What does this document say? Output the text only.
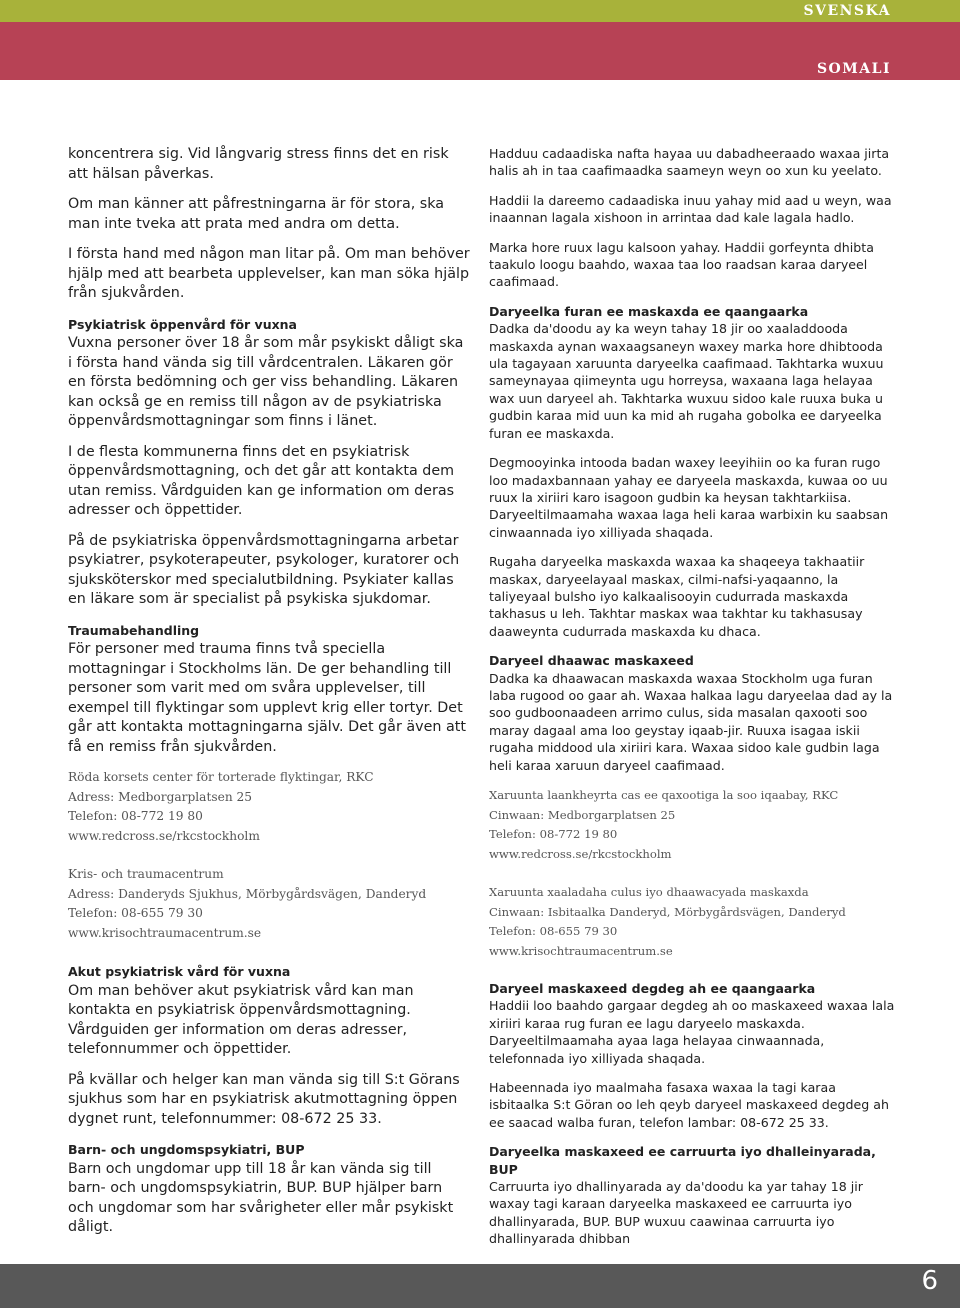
SVENSKA
SOMALI

koncentrera sig. Vid långvarig stress finns det en risk att hälsan påverkas.

Om man känner att påfrestningarna är för stora, ska man inte tveka att prata med andra om detta.

I första hand med någon man litar på. Om man behöver hjälp med att bearbeta upplevelser, kan man söka hjälp från sjukvården.

Psykiatrisk öppenvård för vuxna

Vuxna personer över 18 år som mår psykiskt dåligt ska i första hand vända sig till vårdcentralen. Läkaren gör en första bedömning och ger viss behandling. Läkaren kan också ge en remiss till någon av de psykiatriska öppenvårdsmottagningar som finns i länet.

I de flesta kommunerna finns det en psykiatrisk öppenvårdsmottagning, och det går att kontakta dem utan remiss. Vårdguiden kan ge information om deras adresser och öppettider.

På de psykiatriska öppenvårdsmottagningarna arbetar psykiatrer, psykoterapeuter, psykologer, kuratorer och sjuksköterskor med specialutbildning. Psykiater kallas en läkare som är specialist på psykiska sjukdomar.

Traumabehandling

För personer med trauma finns två speciella mottagningar i Stockholms län. De ger behandling till personer som varit med om svåra upplevelser, till exempel till flyktingar som upplevt krig eller tortyr. Det går att kontakta mottagningarna själv. Det går även att få en remiss från sjukvården.

Röda korsets center för torterade flyktingar, RKC
Adress: Medborgarplatsen 25
Telefon: 08-772 19 80
www.redcross.se/rkcstockholm
Kris- och traumacentrum
Adress: Danderyds Sjukhus, Mörbygårdsvägen, Danderyd
Telefon: 08-655 79 30
www.krisochtraumacentrum.se

Akut psykiatrisk vård för vuxna

Om man behöver akut psykiatrisk vård kan man kontakta en psykiatrisk öppenvårdsmottagning. Vårdguiden ger information om deras adresser, telefonnummer och öppettider.

På kvällar och helger kan man vända sig till S:t Görans sjukhus som har en psykiatrisk akutmottagning öppen dygnet runt, telefonnummer: 08-672 25 33.

Barn- och ungdomspsykiatri, BUP

Barn och ungdomar upp till 18 år kan vända sig till barn- och ungdomspsykiatrin, BUP. BUP hjälper barn och ungdomar som har svårigheter eller mår psykiskt dåligt.

Hadduu cadaadiska nafta hayaa uu dabadheeraado waxaa jirta halis ah in taa caafimaadka saameyn weyn oo xun ku yeelato.

Haddii la dareemo cadaadiska inuu yahay mid aad u weyn, waa inaannan lagala xishoon in arrintaa dad kale lagala hadlo.

Marka hore ruux lagu kalsoon yahay. Haddii gorfeynta dhibta taakulo loogu baahdo, waxaa taa loo raadsan karaa daryeel caafimaad.

Daryeelka furan ee maskaxda ee qaangaarka

Dadka da'doodu ay ka weyn tahay 18 jir oo xaaladdooda maskaxda aynan waxaagsaneyn waxey marka hore dhibtooda ula tagayaan xaruunta daryeelka caafimaad. Takhtarka wuxuu sameynayaa qiimeynta ugu horreysa, waxaana laga helayaa wax uun daryeel ah. Takhtarka wuxuu sidoo kale ruuxa buka u gudbin karaa mid uun ka mid ah rugaha gobolka ee daryeelka furan ee maskaxda.

Degmooyinka intooda badan waxey leeyihiin oo ka furan rugo loo madaxbannaan yahay ee daryeela maskaxda, kuwaa oo uu ruux la xiriiri karo isagoon gudbin ka heysan takhtarkiisa. Daryeeltilmaamaha waxaa laga heli karaa warbixin ku saabsan cinwaannada iyo xilliyada shaqada.

Rugaha daryeelka maskaxda waxaa ka shaqeeya takhaatiir maskax, daryeelayaal maskax, cilmi-nafsi-yaqaanno, la taliyeyaal bulsho iyo kalkaalisooyin cudurrada maskaxda takhasus u leh. Takhtar maskax waa takhtar ku takhasusay daaweynta cudurrada maskaxda ku dhaca.

Daryeel dhaawac maskaxeed

Dadka ka dhaawacan maskaxda waxaa Stockholm uga furan laba rugood oo gaar ah. Waxaa halkaa lagu daryeelaa dad ay la soo gudboonaadeen arrimo culus, sida masalan qaxooti soo maray dagaal ama loo geystay iqaab-jir. Ruuxa isagaa iskii rugaha middood ula xiriiri kara. Waxaa sidoo kale gudbin laga heli karaa xaruun daryeel caafimaad.

Xaruunta laankheyrta cas ee qaxootiga la soo iqaabay, RKC
Cinwaan: Medborgarplatsen 25
Telefon: 08-772 19 80
www.redcross.se/rkcstockholm
Xaruunta xaaladaha culus iyo dhaawacyada maskaxda
Cinwaan: Isbitaalka Danderyd, Mörbygårdsvägen, Danderyd
Telefon: 08-655 79 30
www.krisochtraumacentrum.se

Daryeel maskaxeed degdeg ah ee qaangaarka

Haddii loo baahdo gargaar degdeg ah oo maskaxeed waxaa lala xiriiri karaa rug furan ee lagu daryeelo maskaxda. Daryeeltilmaamaha ayaa laga helayaa cinwaannada, telefonnada iyo xilliyada shaqada.

Habeennada iyo maalmaha fasaxa waxaa la tagi karaa isbitaalka S:t Göran oo leh qeyb daryeel maskaxeed degdeg ah ee saacad walba furan, telefon lambar: 08-672 25 33.

Daryeelka maskaxeed ee carruurta iyo dhalleinyarada, BUP

Carruurta iyo dhallinyarada ay da'doodu ka yar tahay 18 jir waxay tagi karaan daryeelka maskaxeed ee carruurta iyo dhallinyarada, BUP. BUP wuxuu caawinaa carruurta iyo dhallinyarada dhibban

6
